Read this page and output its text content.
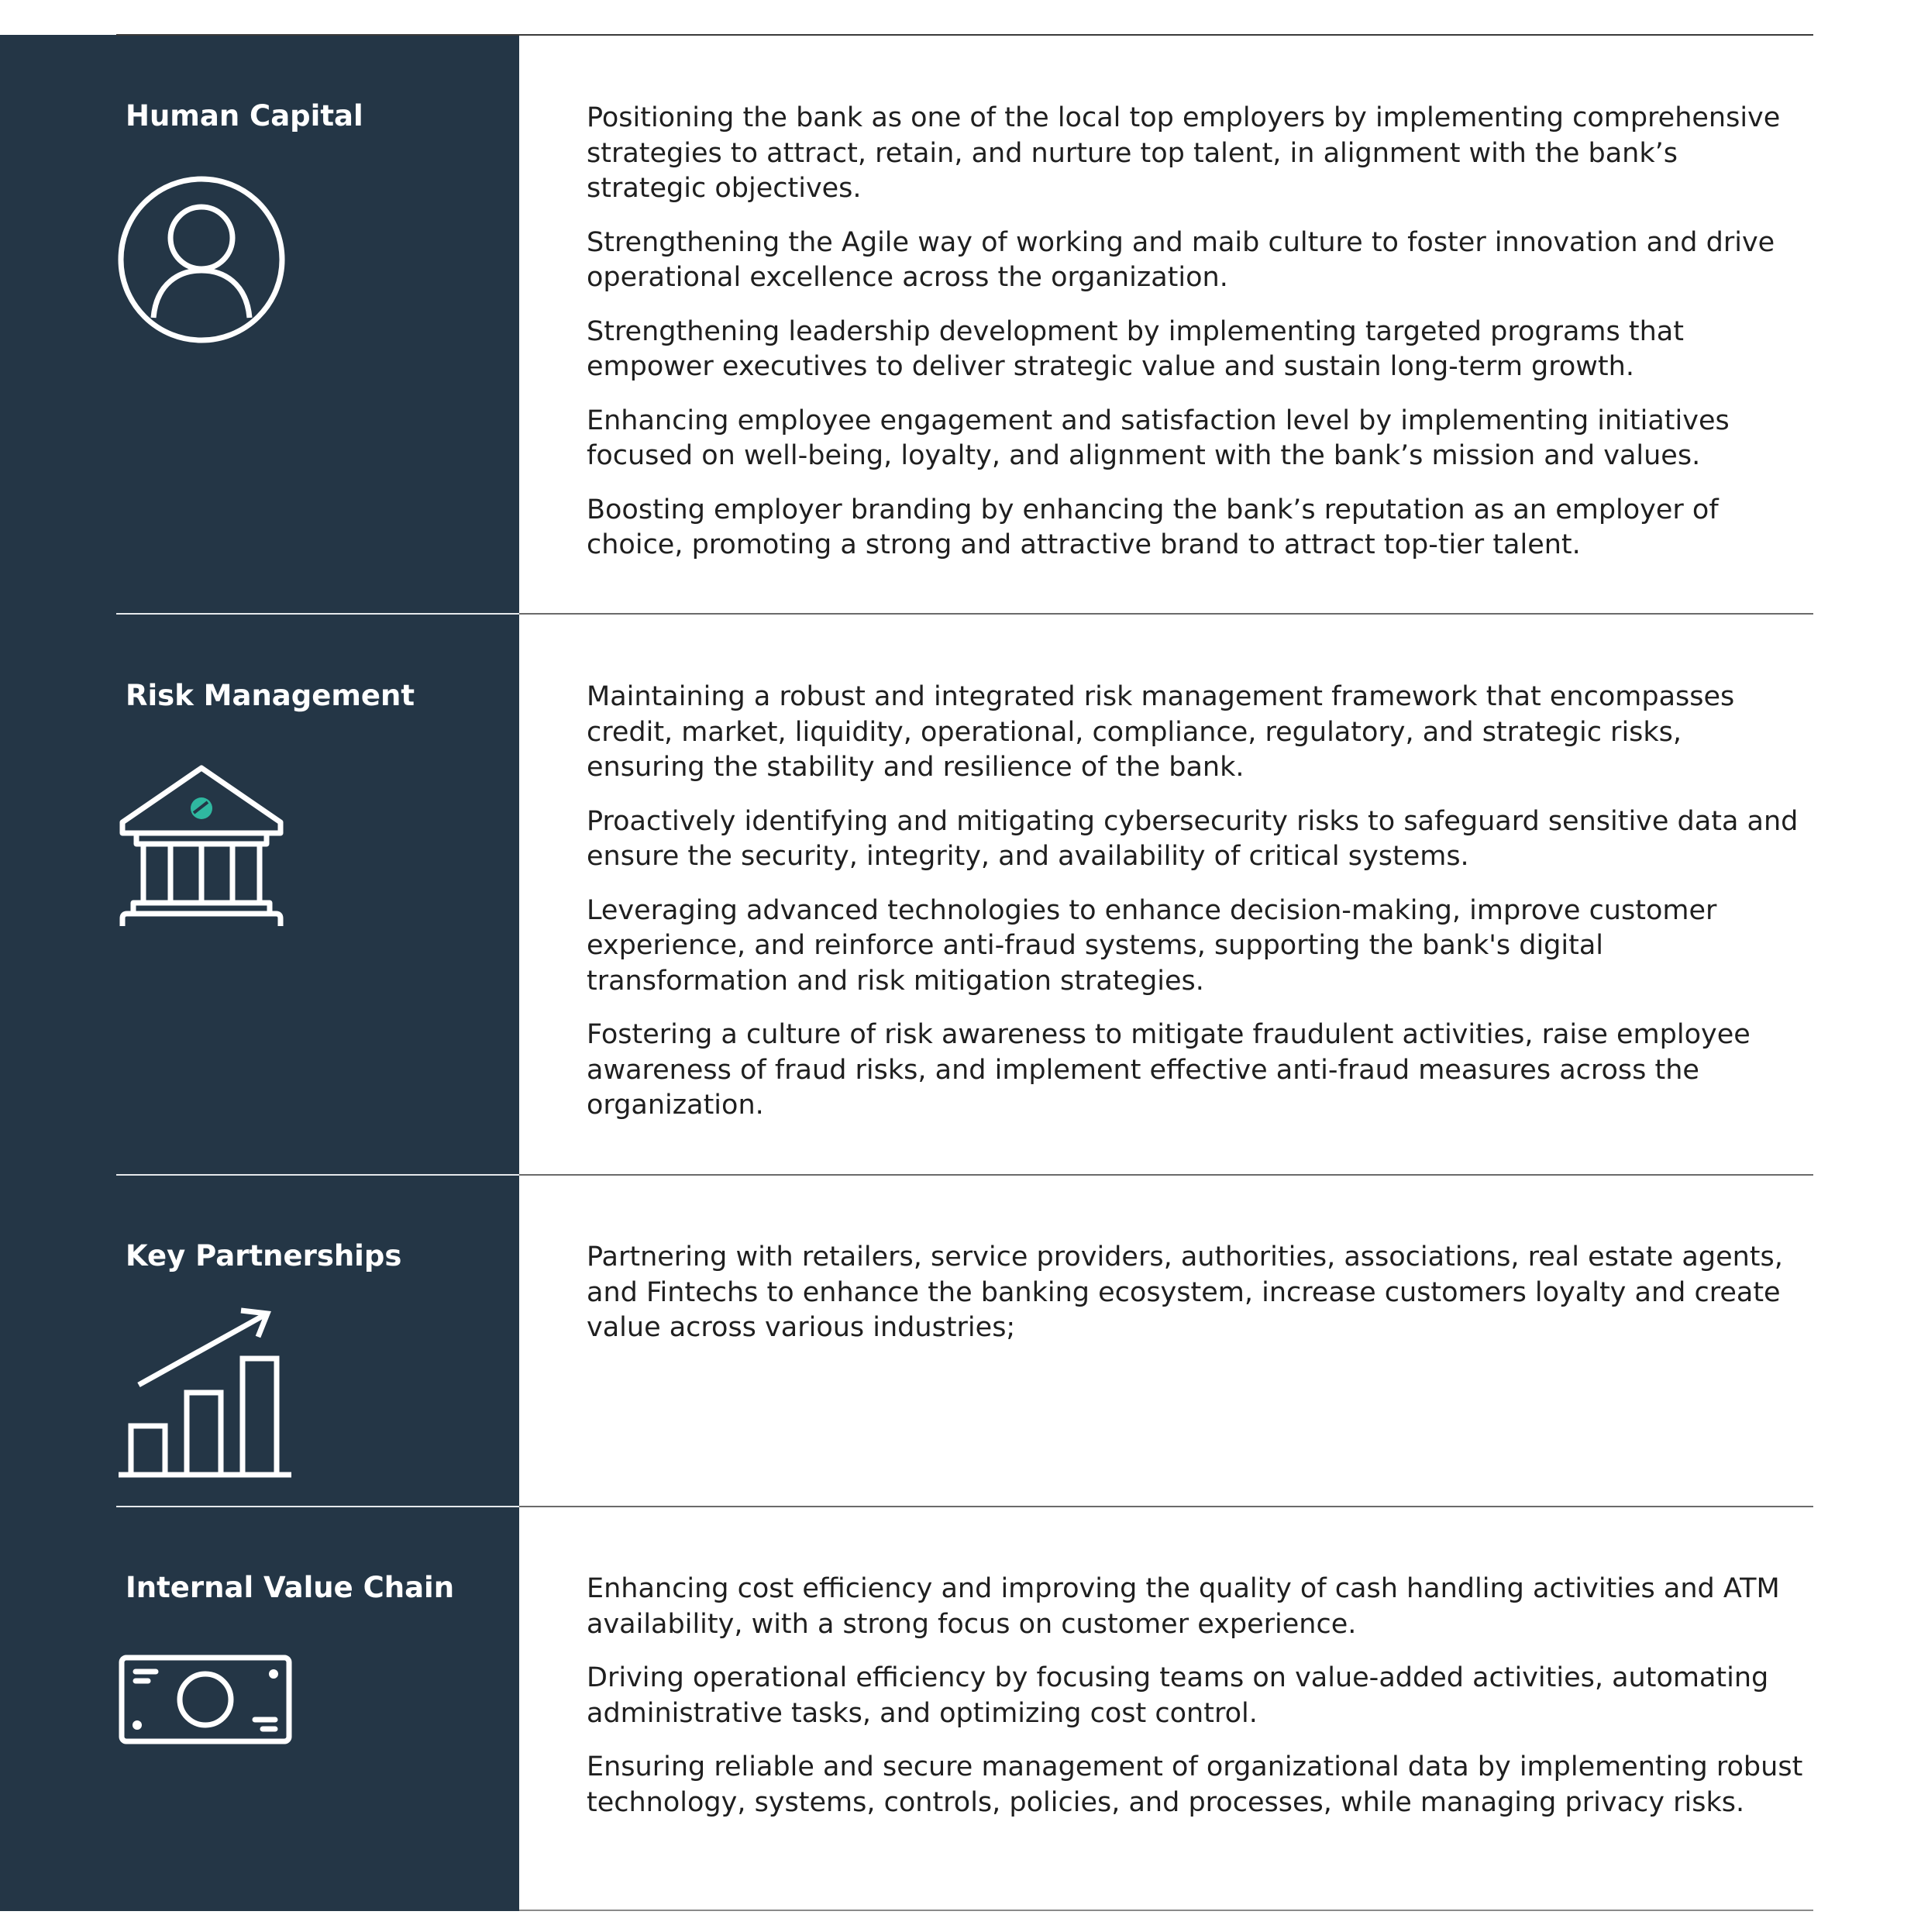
Human Capital	Positioning the bank as one of the local top employers by implementing comprehensive strategies to attract, retain, and nurture top talent, in alignment with the bank’s strategic objectives.

Strengthening the Agile way of working and maib culture to foster innovation and drive operational excellence across the organization.

Strengthening leadership development by implementing targeted programs that empower executives to deliver strategic value and sustain long-term growth.

Enhancing employee engagement and satisfaction level by implementing initiatives focused on well-being, loyalty, and alignment with the bank’s mission and values.

Boosting employer branding by enhancing the bank’s reputation as an employer of choice, promoting a strong and attractive brand to attract top-tier talent.

Risk Management	Maintaining a robust and integrated risk management framework that encompasses credit, market, liquidity, operational, compliance, regulatory, and strategic risks, ensuring the stability and resilience of the bank.

Proactively identifying and mitigating cybersecurity risks to safeguard sensitive data and ensure the security, integrity, and availability of critical systems.

Leveraging advanced technologies to enhance decision-making, improve customer experience, and reinforce anti-fraud systems, supporting the bank's digital transformation and risk mitigation strategies.

Fostering a culture of risk awareness to mitigate fraudulent activities, raise employee awareness of fraud risks, and implement effective anti-fraud measures across the organization.

Key Partnerships	Partnering with retailers, service providers, authorities, associations, real estate agents, and Fintechs to enhance the banking ecosystem, increase customers loyalty and create value across various industries;

Internal Value Chain	Enhancing cost efficiency and improving the quality of cash handling activities and ATM availability, with a strong focus on customer experience.

Driving operational efficiency by focusing teams on value-added activities, automating administrative tasks, and optimizing cost control.

Ensuring reliable and secure management of organizational data by implementing robust technology, systems, controls, policies, and processes, while managing privacy risks.
